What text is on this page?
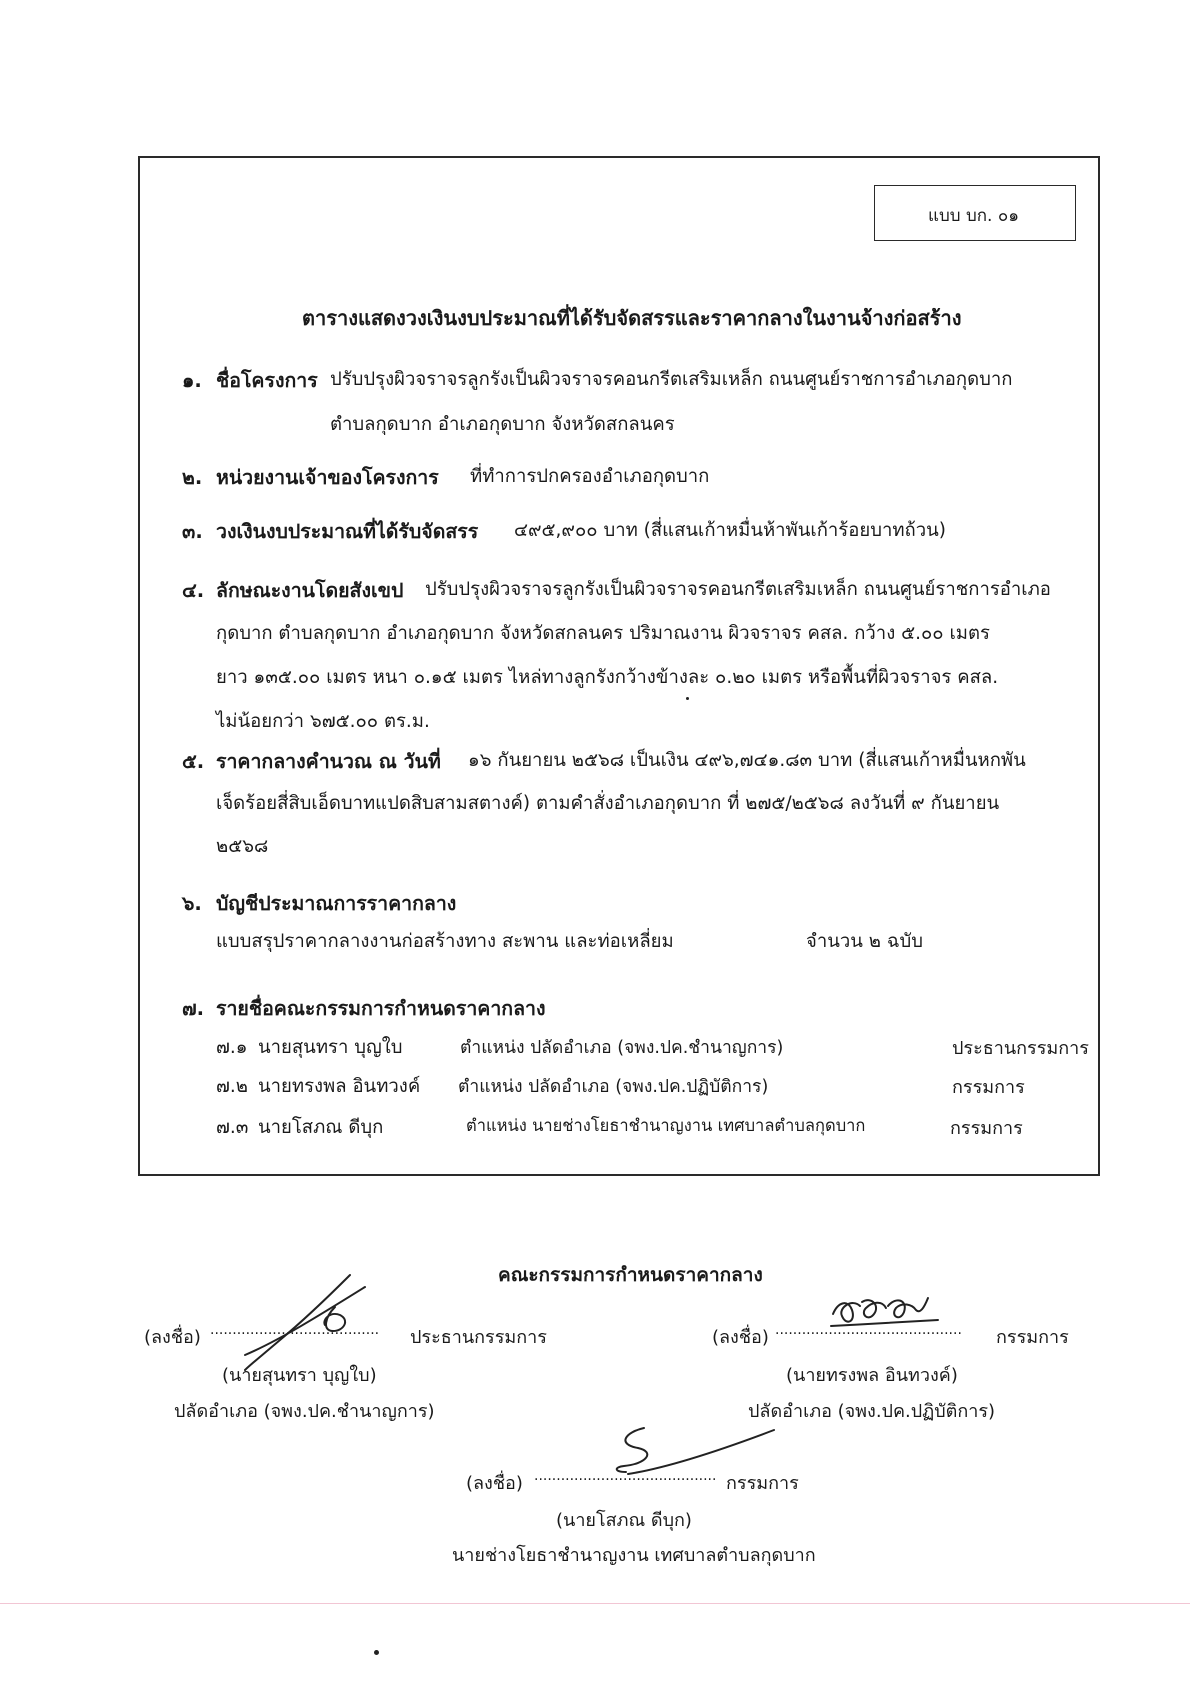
แบบ บก. ๐๑
ตารางแสดงวงเงินงบประมาณที่ได้รับจัดสรรและราคากลางในงานจ้างก่อสร้าง
๑. ชื่อโครงการ ปรับปรุงผิวจราจรลูกรังเป็นผิวจราจรคอนกรีตเสริมเหล็ก ถนนศูนย์ราชการอำเภอกุดบาก
ตำบลกุดบาก อำเภอกุดบาก จังหวัดสกลนคร
๒. หน่วยงานเจ้าของโครงการ ที่ทำการปกครองอำเภอกุดบาก
๓. วงเงินงบประมาณที่ได้รับจัดสรร ๔๙๕,๙๐๐ บาท (สี่แสนเก้าหมื่นห้าพันเก้าร้อยบาทถ้วน)
๔. ลักษณะงานโดยสังเขป ปรับปรุงผิวจราจรลูกรังเป็นผิวจราจรคอนกรีตเสริมเหล็ก ถนนศูนย์ราชการอำเภอ
กุดบาก ตำบลกุดบาก อำเภอกุดบาก จังหวัดสกลนคร ปริมาณงาน ผิวจราจร คสล. กว้าง ๕.๐๐ เมตร
ยาว ๑๓๕.๐๐ เมตร หนา ๐.๑๕ เมตร ไหล่ทางลูกรังกว้างข้างละ ๐.๒๐ เมตร หรือพื้นที่ผิวจราจร คสล.
ไม่น้อยกว่า ๖๗๕.๐๐ ตร.ม.
๕. ราคากลางคำนวณ ณ วันที่ ๑๖ กันยายน ๒๕๖๘ เป็นเงิน ๔๙๖,๗๔๑.๘๓ บาท (สี่แสนเก้าหมื่นหกพัน
เจ็ดร้อยสี่สิบเอ็ดบาทแปดสิบสามสตางค์) ตามคำสั่งอำเภอกุดบาก ที่ ๒๗๕/๒๕๖๘ ลงวันที่ ๙ กันยายน
๒๕๖๘
๖. บัญชีประมาณการราคากลาง
แบบสรุปราคากลางงานก่อสร้างทาง สะพาน และท่อเหลี่ยม	จำนวน ๒ ฉบับ
๗. รายชื่อคณะกรรมการกำหนดราคากลาง
๗.๑ นายสุนทรา บุญใบ	ตำแหน่ง ปลัดอำเภอ (จพง.ปค.ชำนาญการ)	ประธานกรรมการ
๗.๒ นายทรงพล อินทวงค์ ตำแหน่ง ปลัดอำเภอ (จพง.ปค.ปฏิบัติการ)	กรรมการ
๗.๓ นายโสภณ ดีบุก	ตำแหน่ง นายช่างโยธาชำนาญงาน เทศบาลตำบลกุดบาก	กรรมการ
คณะกรรมการกำหนดราคากลาง
(ลงชื่อ) ...................................... ประธานกรรมการ
(นายสุนทรา บุญใบ)
ปลัดอำเภอ (จพง.ปค.ชำนาญการ)
(ลงชื่อ) .......................................... กรรมการ
(นายทรงพล อินทวงค์)
ปลัดอำเภอ (จพง.ปค.ปฏิบัติการ)
(ลงชื่อ) ......................................... กรรมการ
(นายโสภณ ดีบุก)
นายช่างโยธาชำนาญงาน เทศบาลตำบลกุดบาก
